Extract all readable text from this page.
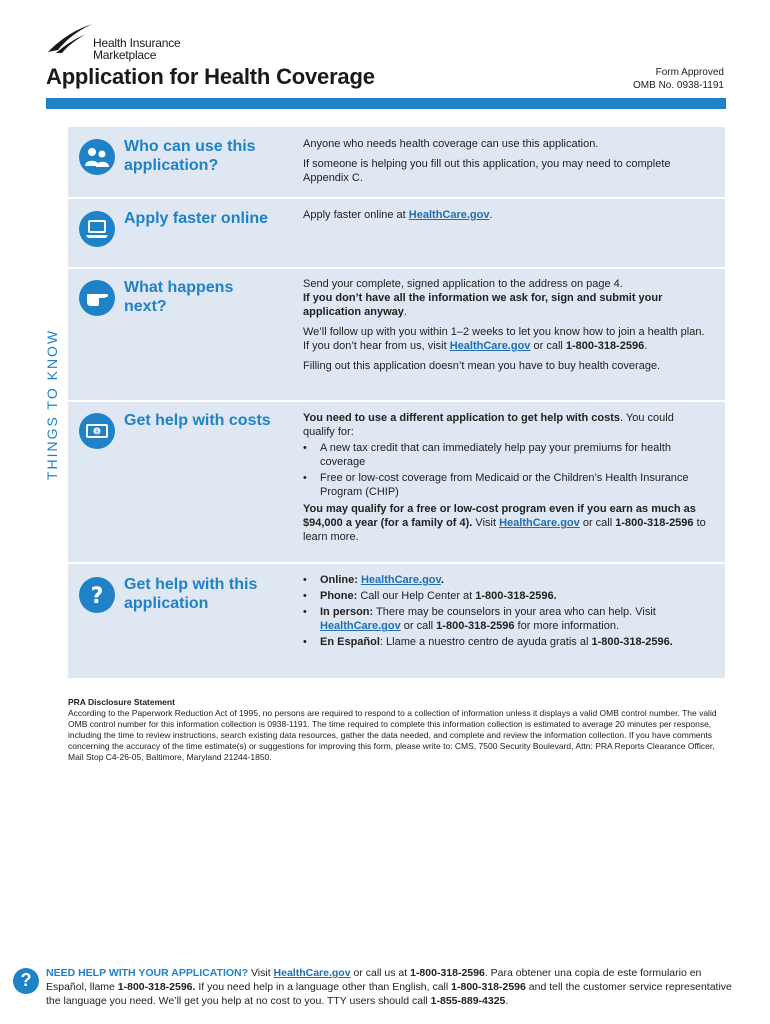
Health Insurance
Marketplace
Application for Health Coverage	Form Approved
OMB No. 0938-1191
THINGS TO KNOW
Who can use this application?

Anyone who needs health coverage can use this application.

If someone is helping you fill out this application, you may need to complete Appendix C.

Apply faster online	Apply faster online at HealthCare.gov.

What happens next?

Send your complete, signed application to the address on page 4.
If you don’t have all the information we ask for, sign and submit your application anyway.

We’ll follow up with you within 1–2 weeks to let you know how to join a health plan. If you don’t hear from us, visit HealthCare.gov or call 1-800-318-2596.

Filling out this application doesn’t mean you have to buy health coverage.

$
Get help with costs	You need to use a different application to get help with costs. You could qualify for:

• A new tax credit that can immediately help pay your premiums for health coverage
• Free or low-cost coverage from Medicaid or the Children’s Health Insurance Program (CHIP)

You may qualify for a free or low-cost program even if you earn as much as $94,000 a year (for a family of 4). Visit HealthCare.gov or call 1-800-318-2596 to learn more.

? Get help with this application
• Online: HealthCare.gov.
• Phone: Call our Help Center at 1-800-318-2596.
• In person: There may be counselors in your area who can help. Visit HealthCare.gov or call 1-800-318-2596 for more information.
• En Español: Llame a nuestro centro de ayuda gratis al 1-800-318-2596.
PRA Disclosure Statement
According to the Paperwork Reduction Act of 1995, no persons are required to respond to a collection of information unless it displays a valid OMB control number. The valid OMB control number for this information collection is 0938-1191. The time required to complete this information collection is estimated to average 20 minutes per response, including the time to review instructions, search existing data resources, gather the data needed, and complete and review the information collection. If you have comments concerning the accuracy of the time estimate(s) or suggestions for improving this form, please write to: CMS, 7500 Security Boulevard, Attn: PRA Reports Clearance Officer, Mail Stop C4-26-05, Baltimore, Maryland 21244-1850.
?	NEED HELP WITH YOUR APPLICATION? Visit HealthCare.gov or call us at 1-800-318-2596. Para obtener una copia de este formulario en Español, llame 1-800-318-2596. If you need help in a language other than English, call 1-800-318-2596 and tell the customer service representative the language you need. We’ll get you help at no cost to you. TTY users should call 1-855-889-4325.
